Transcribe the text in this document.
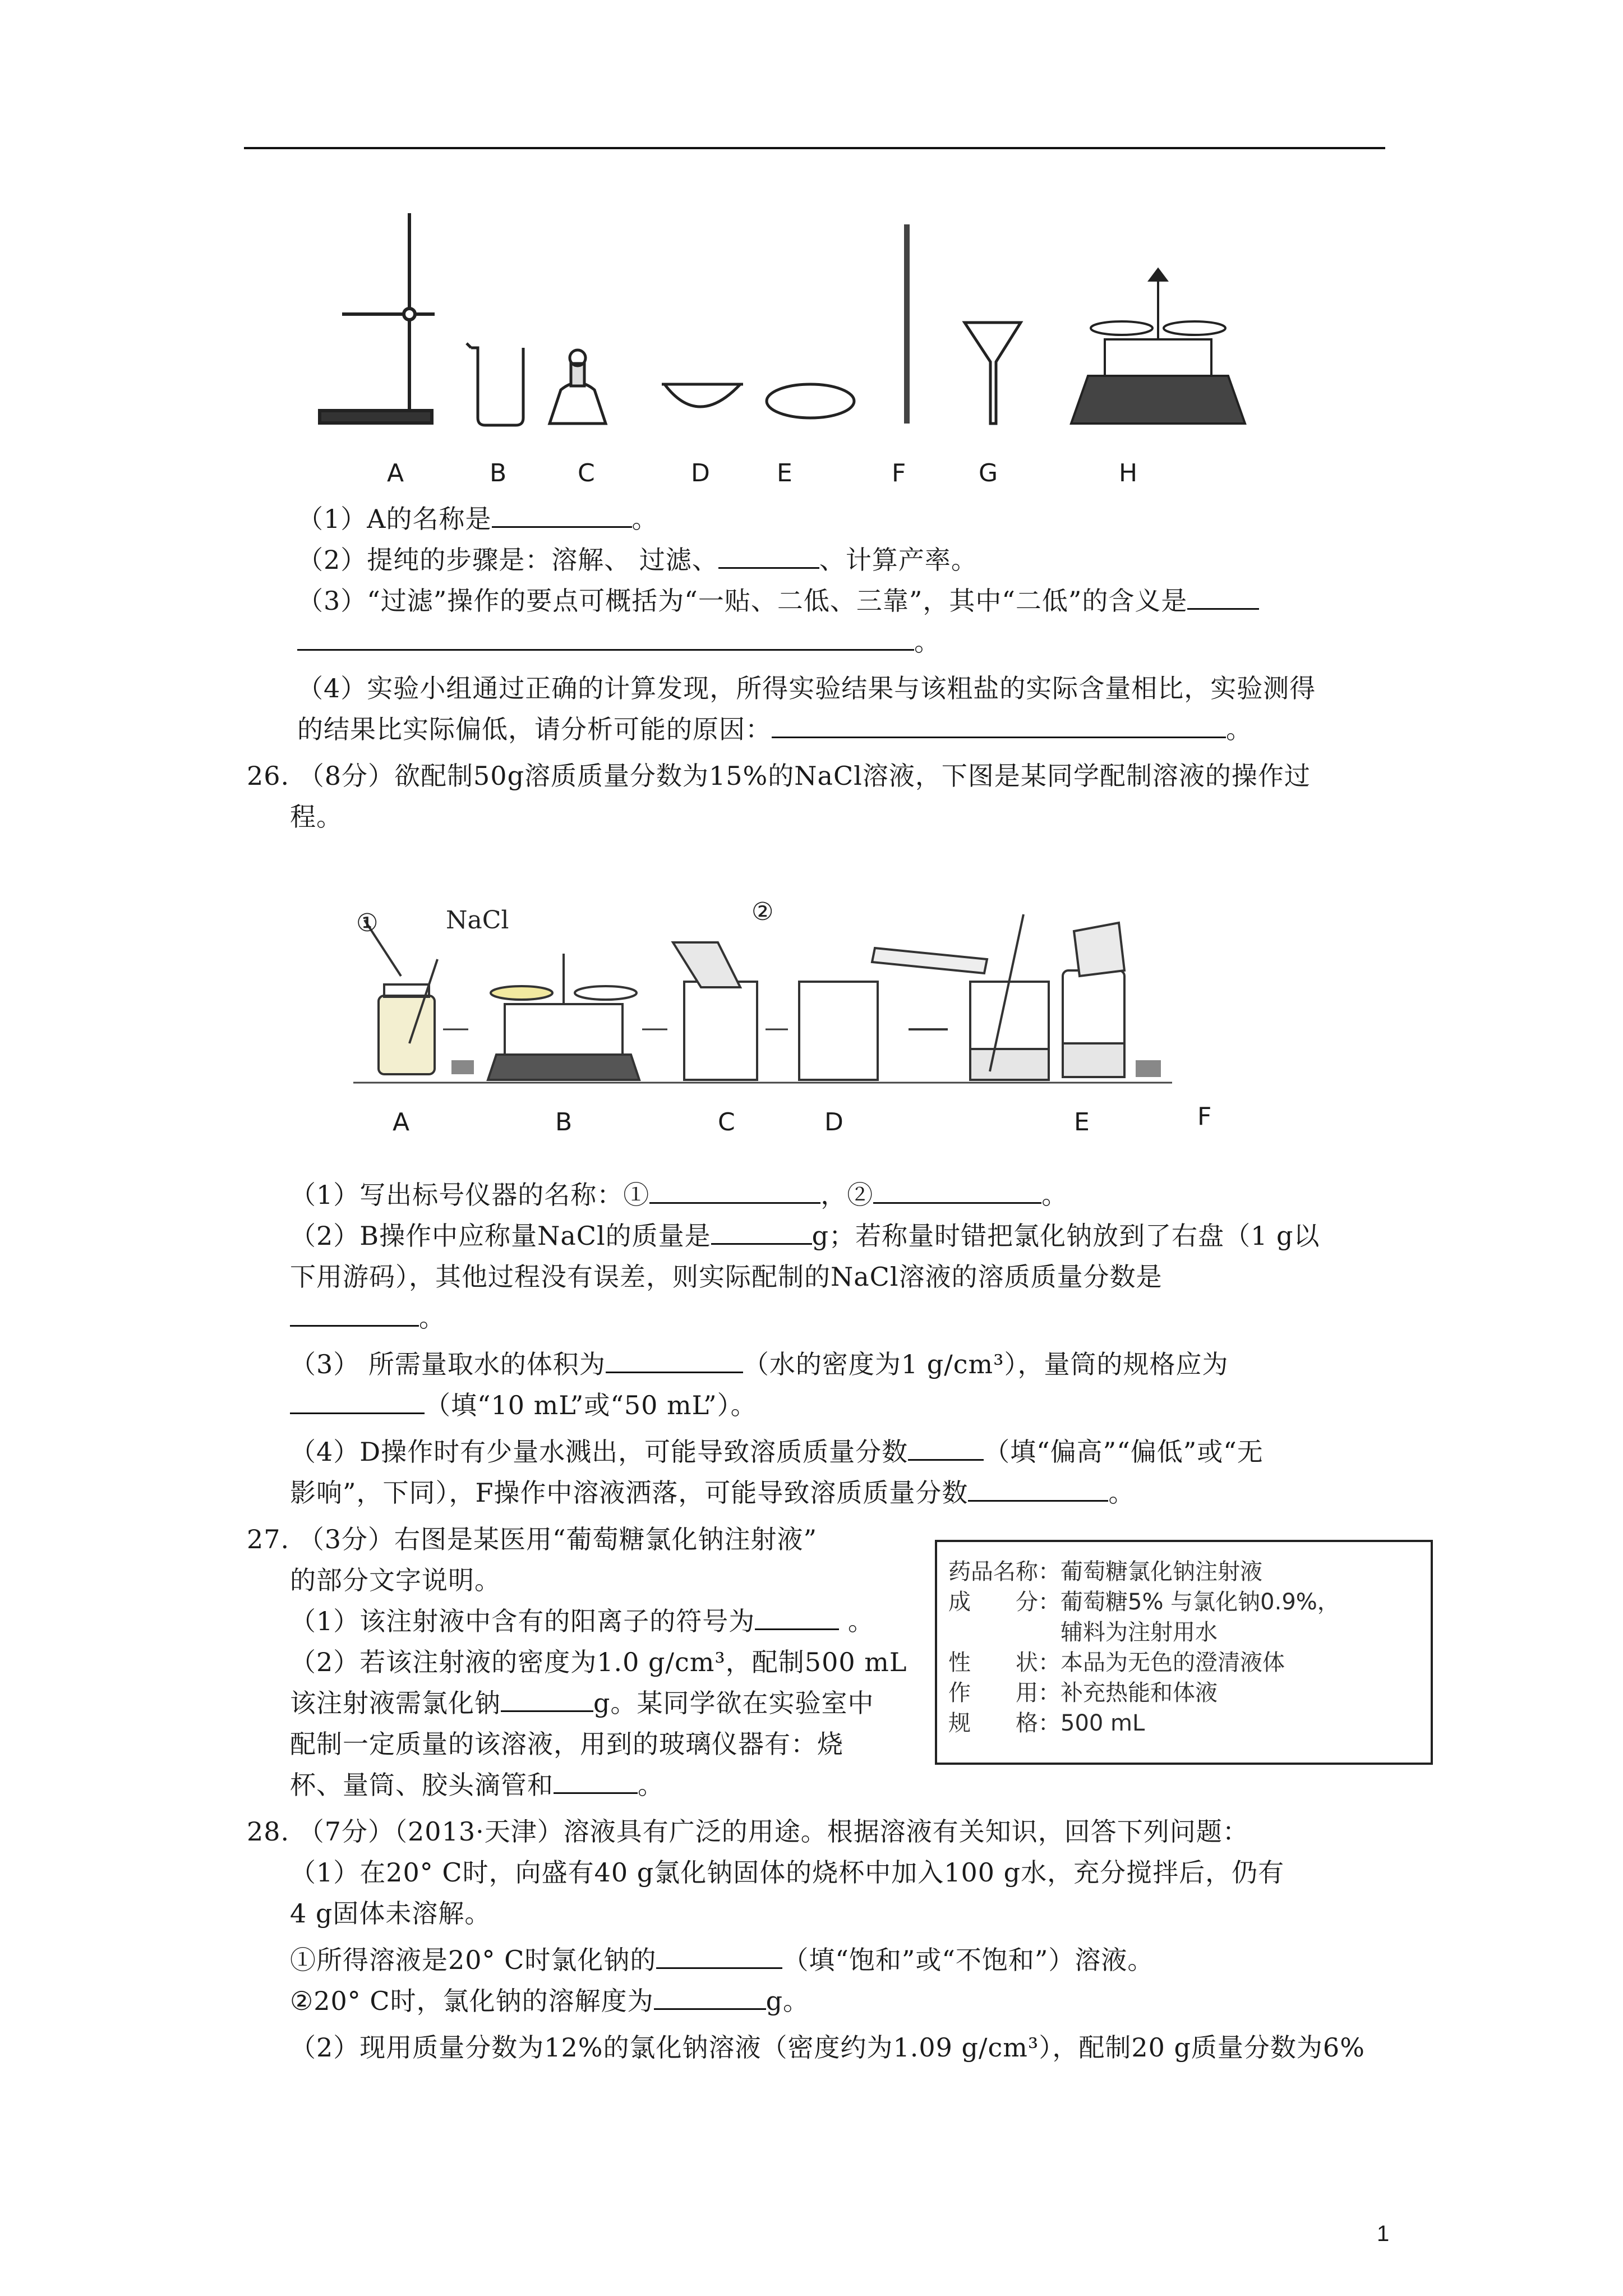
A	B	C	D	E	F	G	H
（1）A的名称是	。
（2）提纯的步骤是：溶解、 过滤、	、计算产率。
（3）“过滤”操作的要点可概括为“一贴、二低、三靠”，其中“二低”的含义是
。
（4）实验小组通过正确的计算发现，所得实验结果与该粗盐的实际含量相比，实验测得
的结果比实际偏低，请分析可能的原因：	。
26. （8分）欲配制50g溶质质量分数为15%的NaCl溶液，下图是某同学配制溶液的操作过
程。
①	NaCl	②
A	B	C	D	E	F
（1）写出标号仪器的名称：①	，②	。
（2）B操作中应称量NaCl的质量是	g；若称量时错把氯化钠放到了右盘（1 g以
下用游码），其他过程没有误差，则实际配制的NaCl溶液的溶质质量分数是
。
（3） 所需量取水的体积为	（水的密度为1 g/cm³），量筒的规格应为
（填“10 mL”或“50 mL”）。
（4）D操作时有少量水溅出，可能导致溶质质量分数	（填“偏高”“偏低”或“无
影响”，下同），F操作中溶液洒落，可能导致溶质质量分数	。
27. （3分）右图是某医用“葡萄糖氯化钠注射液”
的部分文字说明。
（1）该注射液中含有的阳离子的符号为	。
（2）若该注射液的密度为1.0 g/cm³，配制500 mL
该注射液需氯化钠	g。某同学欲在实验室中
配制一定质量的该溶液，用到的玻璃仪器有：烧
杯、量筒、胶头滴管和	。
药品名称：葡萄糖氯化钠注射液
成　　分：葡萄糖5% 与氯化钠0.9%，
　　　　　辅料为注射用水
性　　状：本品为无色的澄清液体
作　　用：补充热能和体液
规　　格：500 mL
28. （7分）（2013·天津）溶液具有广泛的用途。根据溶液有关知识，回答下列问题：
（1）在20° C时，向盛有40 g氯化钠固体的烧杯中加入100 g水，充分搅拌后，仍有
4 g固体未溶解。
①所得溶液是20° C时氯化钠的	（填“饱和”或“不饱和”）溶液。
②20° C时，氯化钠的溶解度为	g。
（2）现用质量分数为12%的氯化钠溶液（密度约为1.09 g/cm³），配制20 g质量分数为6%
1
